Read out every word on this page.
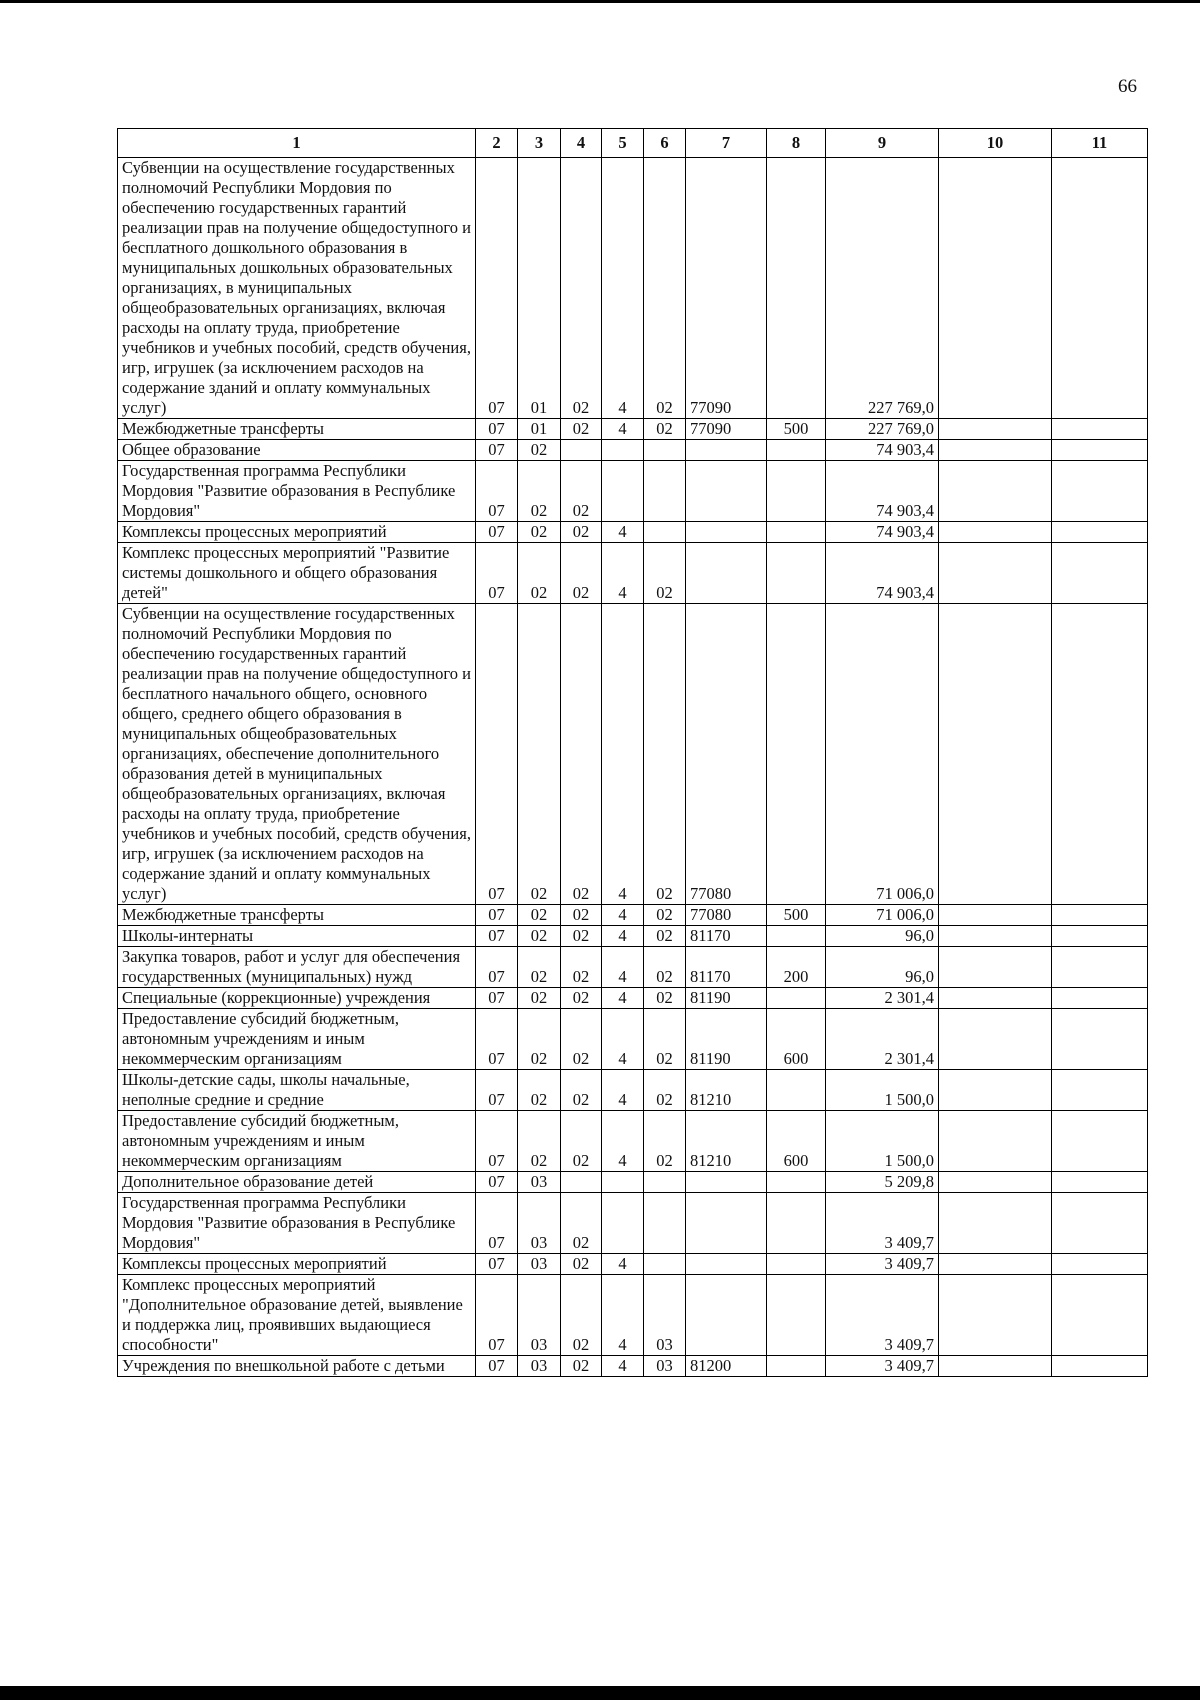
66
1	2	3	4	5	6	7	8	9	10	11
Субвенции на осуществление государственных полномочий Республики Мордовия по обеспечению государственных гарантий реализации прав на получение общедоступного и бесплатного дошкольного образования в муниципальных дошкольных образовательных организациях, в муниципальных общеобразовательных организациях, включая расходы на оплату труда, приобретение учебников и учебных пособий, средств обучения, игр, игрушек (за исключением расходов на содержание зданий и оплату коммунальных услуг)	07	01	02	4	02	77090		227 769,0		
Межбюджетные трансферты	07	01	02	4	02	77090	500	227 769,0		
Общее образование	07	02						74 903,4		
Государственная программа Республики Мордовия "Развитие образования в Республике Мордовия"	07	02	02					74 903,4		
Комплексы процессных мероприятий	07	02	02	4				74 903,4		
Комплекс процессных мероприятий "Развитие системы дошкольного и общего образования детей"	07	02	02	4	02			74 903,4		
Субвенции на осуществление государственных полномочий Республики Мордовия по обеспечению государственных гарантий реализации прав на получение общедоступного и бесплатного начального общего, основного общего, среднего общего образования в муниципальных общеобразовательных организациях, обеспечение дополнительного образования детей в муниципальных общеобразовательных организациях, включая расходы на оплату труда, приобретение учебников и учебных пособий, средств обучения, игр, игрушек (за исключением расходов на содержание зданий и оплату коммунальных услуг)	07	02	02	4	02	77080		71 006,0		
Межбюджетные трансферты	07	02	02	4	02	77080	500	71 006,0		
Школы-интернаты	07	02	02	4	02	81170		96,0		
Закупка товаров, работ и услуг для обеспечения государственных (муниципальных) нужд	07	02	02	4	02	81170	200	96,0		
Специальные (коррекционные) учреждения	07	02	02	4	02	81190		2 301,4		
Предоставление субсидий бюджетным, автономным учреждениям и иным некоммерческим организациям	07	02	02	4	02	81190	600	2 301,4		
Школы-детские сады, школы начальные, неполные средние и средние	07	02	02	4	02	81210		1 500,0		
Предоставление субсидий бюджетным, автономным учреждениям и иным некоммерческим организациям	07	02	02	4	02	81210	600	1 500,0		
Дополнительное образование детей	07	03						5 209,8		
Государственная программа Республики Мордовия "Развитие образования в Республике Мордовия"	07	03	02					3 409,7		
Комплексы процессных мероприятий	07	03	02	4				3 409,7		
Комплекс процессных мероприятий "Дополнительное образование детей, выявление и поддержка лиц, проявивших выдающиеся способности"	07	03	02	4	03			3 409,7		
Учреждения по внешкольной работе с детьми	07	03	02	4	03	81200		3 409,7		
